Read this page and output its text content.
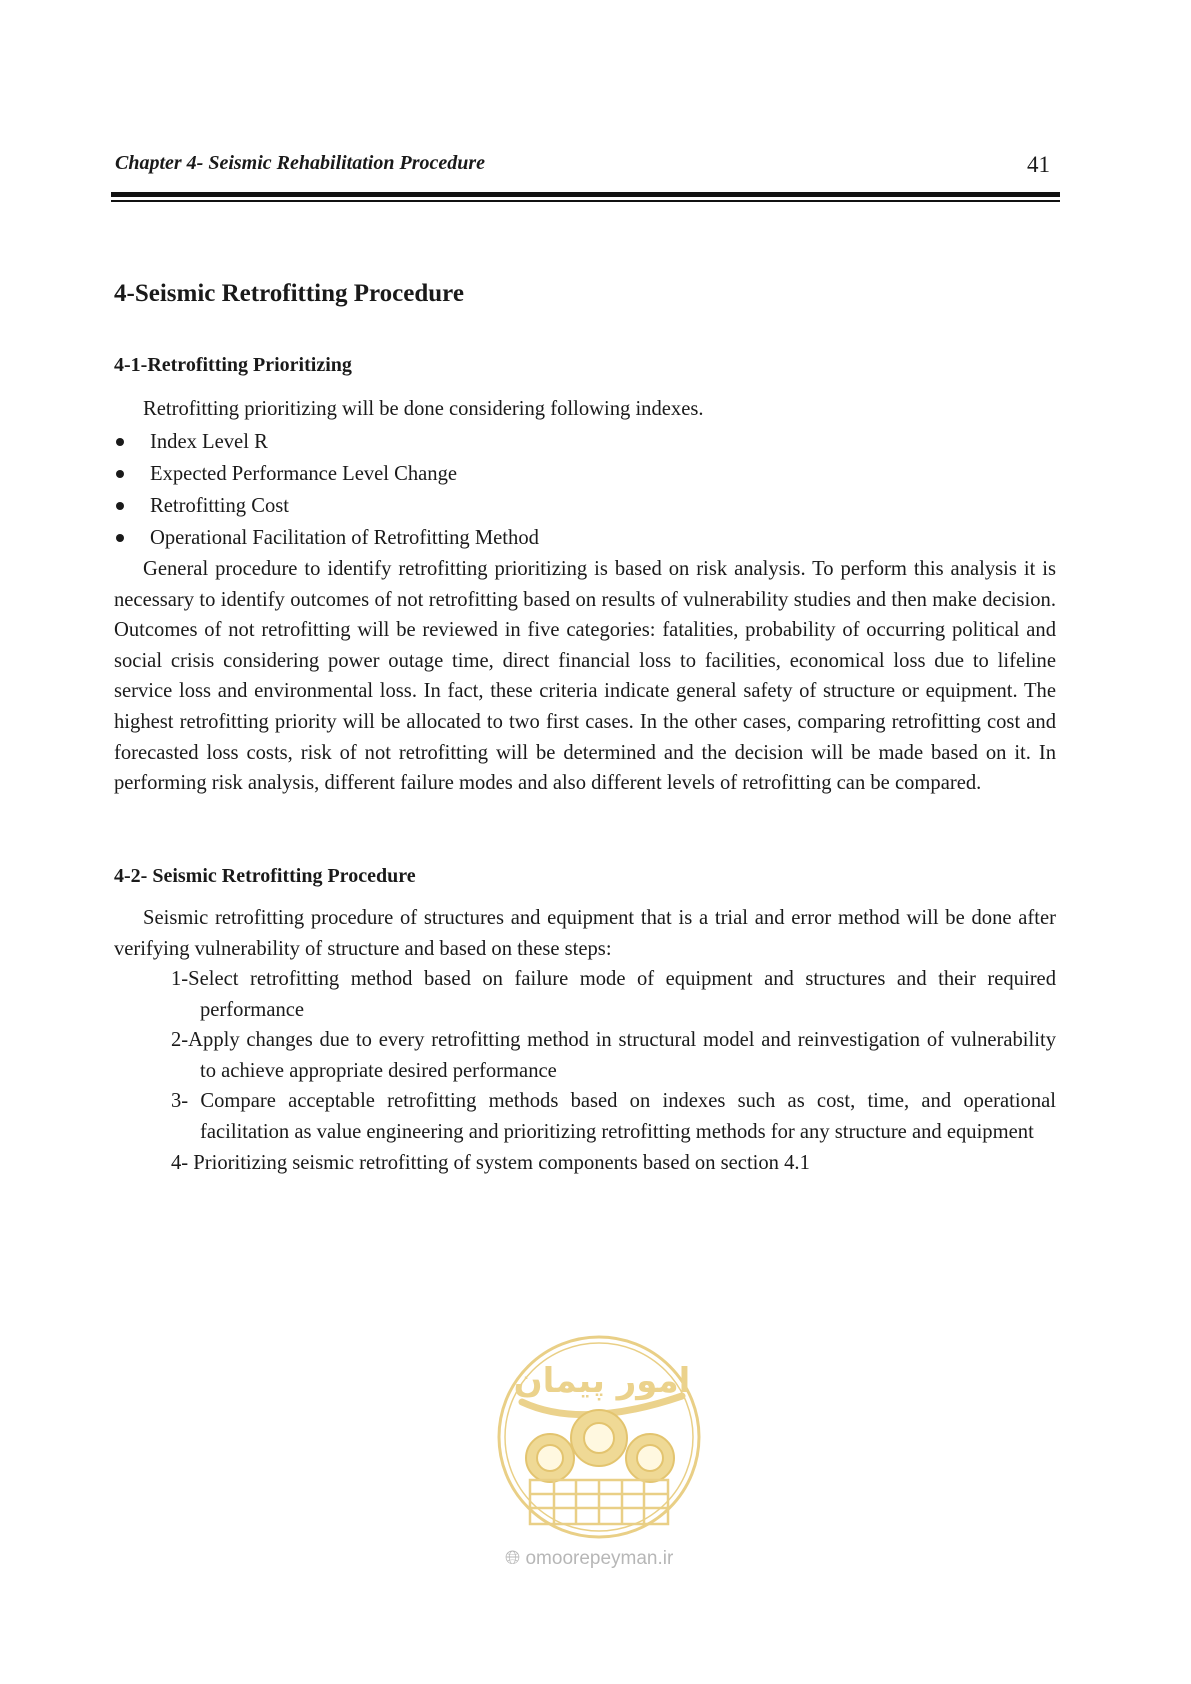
Chapter 4- Seismic Rehabilitation Procedure	41
4-Seismic Retrofitting Procedure
4-1-Retrofitting Prioritizing
Retrofitting prioritizing will be done considering following indexes.
Index Level R
Expected Performance Level Change
Retrofitting Cost
Operational Facilitation of Retrofitting Method

General procedure to identify retrofitting prioritizing is based on risk analysis. To perform this analysis it is necessary to identify outcomes of not retrofitting based on results of vulnerability studies and then make decision. Outcomes of not retrofitting will be reviewed in five categories: fatalities, probability of occurring political and social crisis considering power outage time, direct financial loss to facilities, economical loss due to lifeline service loss and environmental loss. In fact, these criteria indicate general safety of structure or equipment. The highest retrofitting priority will be allocated to two first cases. In the other cases, comparing retrofitting cost and forecasted loss costs, risk of not retrofitting will be determined and the decision will be made based on it. In performing risk analysis, different failure modes and also different levels of retrofitting can be compared.

4-2- Seismic Retrofitting Procedure

Seismic retrofitting procedure of structures and equipment that is a trial and error method will be done after verifying vulnerability of structure and based on these steps:

1-Select retrofitting method based on failure mode of equipment and structures and their required performance
2-Apply changes due to every retrofitting method in structural model and reinvestigation of vulnerability to achieve appropriate desired performance
3- Compare acceptable retrofitting methods based on indexes such as cost, time, and operational facilitation as value engineering and prioritizing retrofitting methods for any structure and equipment
4- Prioritizing seismic retrofitting of system components based on section 4.1
امور پیمان
🌐︎ omoorepeyman.ir
